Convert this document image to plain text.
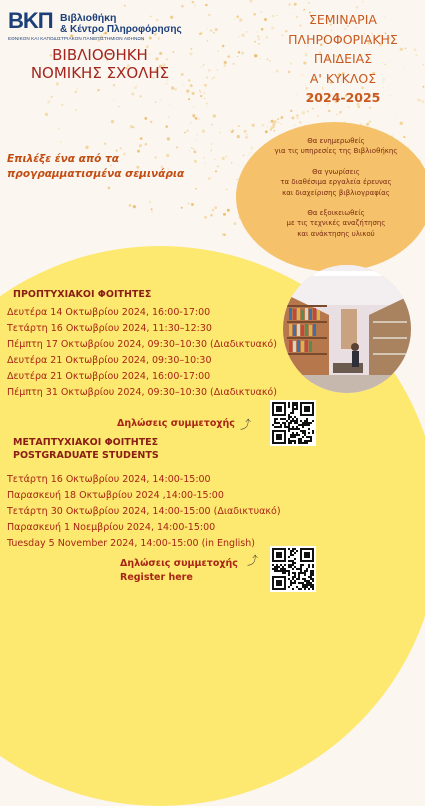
ΒΚΠ Βιβλιοθήκη
& Κέντρο Πληροφόρησης
ΕΘΝΙΚΟΝ ΚΑΙ ΚΑΠΟΔΙΣΤΡΙΑΚΟΝ ΠΑΝΕΠΙΣΤΗΜΙΟΝ ΑΘΗΝΩΝ
ΒΙΒΛΙΟΘΗΚΗ
ΝΟΜΙΚΗΣ ΣΧΟΛΗΣ
ΣΕΜΙΝΑΡΙΑ
ΠΛΗΡΟΦΟΡΙΑΚΗΣ
ΠΑΙΔΕΙΑΣ
Α' ΚΥΚΛΟΣ
2024-2025
Επιλέξε ένα από τα
προγραμματισμένα σεμινάρια
Θα ενημερωθείς
για τις υπηρεσίες της Βιβλιοθήκης
Θα γνωρίσεις
τα διαθέσιμα εργαλεία έρευνας
και διαχείρισης βιβλιογραφίας
Θα εξοικειωθείς
με τις τεχνικές αναζήτησης
και ανάκτησης υλικού
ΠΡΟΠΤΥΧΙΑΚΟΙ ΦΟΙΤΗΤΕΣ
Δευτέρα 14 Οκτωβρίου 2024, 16:00-17:00
Τετάρτη 16 Οκτωβρίου 2024, 11:30–12:30
Πέμπτη 17 Οκτωβρίου 2024, 09:30–10:30 (Διαδικτυακό)
Δευτέρα 21 Οκτωβρίου 2024, 09:30–10:30
Δευτέρα 21 Οκτωβρίου 2024, 16:00-17:00
Πέμπτη 31 Οκτωβρίου 2024, 09:30–10:30 (Διαδικτυακό)
Δηλώσεις συμμετοχής ⤴
ΜΕΤΑΠΤΥΧΙΑΚΟΙ ΦΟΙΤΗΤΕΣ
POSTGRADUATE STUDENTS
Τετάρτη 16 Οκτωβρίου 2024, 14:00-15:00
Παρασκευή 18 Οκτωβρίου 2024 ,14:00-15:00
Τετάρτη 30 Οκτωβρίου 2024, 14:00-15:00 (Διαδικτυακό)
Παρασκευή 1 Νοεμβρίου 2024, 14:00-15:00
Tuesday 5 November 2024, 14:00-15:00 (in English)
Δηλώσεις συμμετοχής
Register here
⤴
